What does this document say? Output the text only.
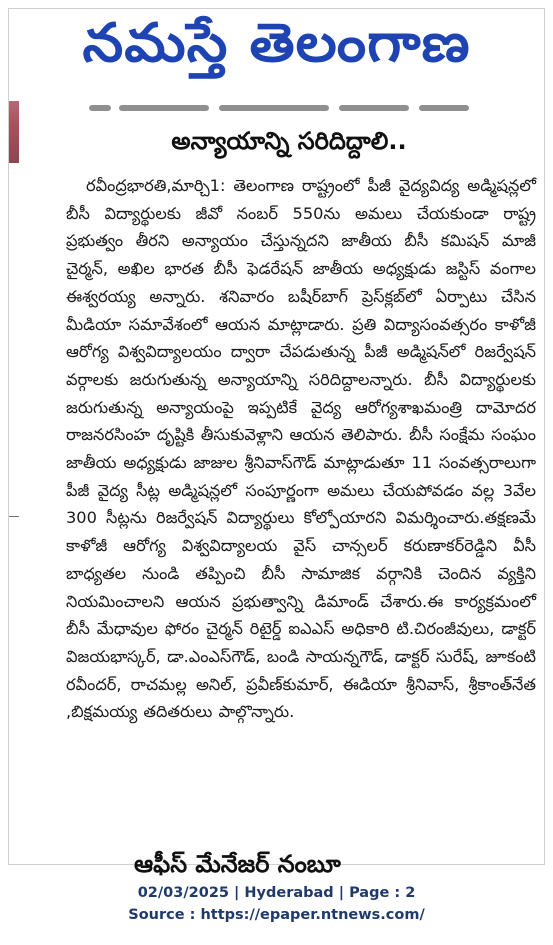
నమస్తే తెలంగాణ
అన్యాయాన్ని సరిదిద్దాలి..
రవీంద్రభారతి,మార్చి1: తెలంగాణ రాష్ట్రంలో పీజీ వైద్యవిద్య అడ్మిషన్లలో బీసీ విద్యార్థులకు జీవో నంబర్ 550ను అమలు చేయకుండా రాష్ట్ర ప్రభుత్వం తీరని అన్యాయం చేస్తున్నదని జాతీయ బీసీ కమిషన్ మాజీ చైర్మన్, అఖిల భారత బీసీ ఫెడరేషన్ జాతీయ అధ్యక్షుడు జస్టిస్ వంగాల ఈశ్వరయ్య అన్నారు. శనివారం బషీర్‌బాగ్ ప్రెస్‌క్లబ్‌లో ఏర్పాటు చేసిన మీడియా సమావేశంలో ఆయన మాట్లాడారు. ప్రతి విద్యాసంవత్సరం కాళోజీ ఆరోగ్య విశ్వవిద్యాలయం ద్వారా చేపడుతున్న పీజీ అడ్మిషన్‌లో రిజర్వేషన్ వర్గాలకు జరుగుతున్న అన్యాయాన్ని సరిదిద్దాలన్నారు. బీసీ విద్యార్థులకు జరుగుతున్న అన్యాయంపై ఇప్పటికే వైద్య ఆరోగ్యశాఖమంత్రి దామోదర రాజనరసింహ దృష్టికి తీసుకువెళ్లాని ఆయన తెలిపారు. బీసీ సంక్షేమ సంఘం జాతీయ అధ్యక్షుడు జాజుల శ్రీనివాస్‌గౌడ్ మాట్లాడుతూ 11 సంవత్సరాలుగా పీజీ వైద్య సీట్ల అడ్మిషన్లలో సంపూర్ణంగా అమలు చేయపోవడం వల్ల 3వేల 300 సీట్లను రిజర్వేషన్ విద్యార్థులు కోల్పోయారని విమర్శించారు.తక్షణమే కాళోజీ ఆరోగ్య విశ్వవిద్యాలయ వైస్ చాన్సలర్ కరుణాకర్‌రెడ్డిని వీసీ బాధ్యతల నుండి తప్పించి బీసీ సామాజిక వర్గానికి చెందిన వ్యక్తిని నియమించాలని ఆయన ప్రభుత్వాన్ని డిమాండ్ చేశారు.ఈ కార్యక్రమంలో బీసీ మేధావుల ఫోరం చైర్మన్ రిటైర్డ్ ఐఎఎస్ అధికారి టి.చిరంజీవులు, డాక్టర్ విజయభాస్కర్, డా.ఎంఎస్‌గౌడ్, బండి సాయన్నగౌడ్, డాక్టర్ సురేష్, జూకంటి రవీందర్, రాచమల్ల అనిల్, ప్రవీణ్‌కుమార్, ఈడియా శ్రీనివాస్, శ్రీకాంత్‌నేత ,బిక్షమయ్య తదితరులు పాల్గొన్నారు.
ఆఫీస్ మేనేజర్ నంబూ
02/03/2025 | Hyderabad | Page : 2
Source : https://epaper.ntnews.com/
